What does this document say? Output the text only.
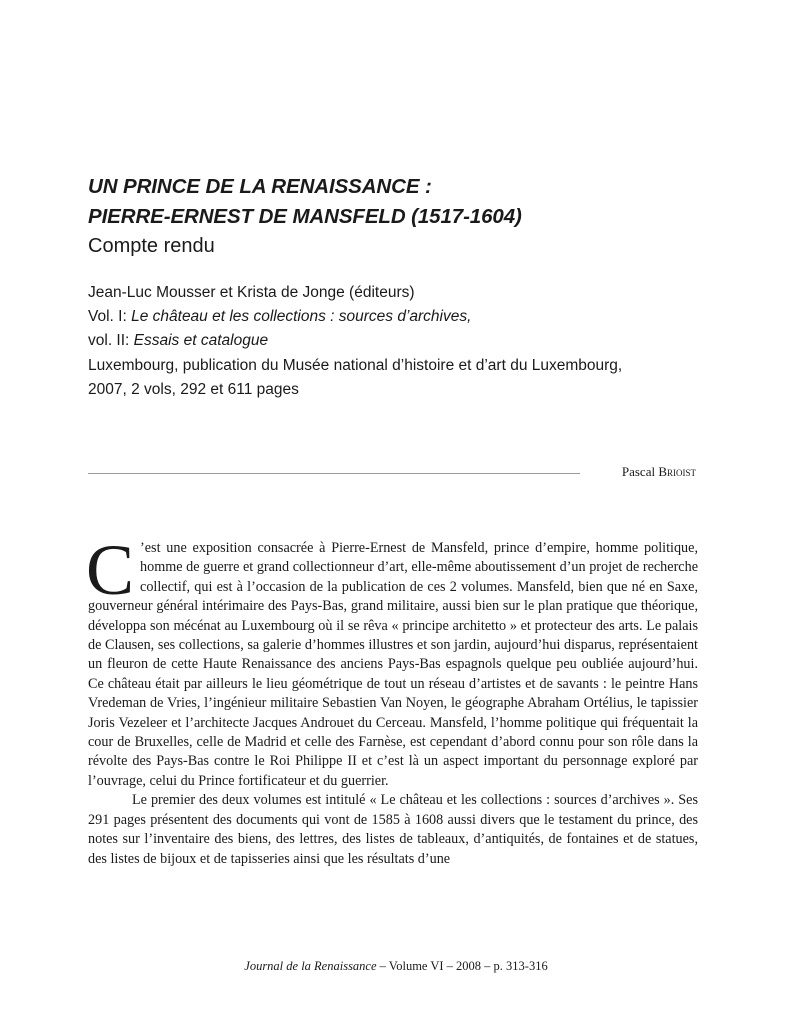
UN PRINCE DE LA RENAISSANCE :
PIERRE-ERNEST DE MANSFELD (1517-1604)
Compte rendu
Jean-Luc Mousser et Krista de Jonge (éditeurs)
Vol. I: Le château et les collections : sources d’archives,
vol. II: Essais et catalogue
Luxembourg, publication du Musée national d’histoire et d’art du Luxembourg,
2007, 2 vols, 292 et 611 pages
Pascal Brioist

C ’est une exposition consacrée à Pierre-Ernest de Mansfeld, prince d’empire, homme politique, homme de guerre et grand collectionneur d’art, elle-même aboutissement d’un projet de recherche collectif, qui est à l’occasion de la publication de ces 2 volumes. Mansfeld, bien que né en Saxe, gouverneur général intérimaire des Pays-Bas, grand militaire, aussi bien sur le plan pratique que théorique, développa son mécénat au Luxembourg où il se rêva « principe architetto » et protecteur des arts. Le palais de Clausen, ses collections, sa galerie d’hommes illustres et son jardin, aujourd’hui disparus, représentaient un fleuron de cette Haute Renaissance des anciens Pays-Bas espagnols quelque peu oubliée aujourd’hui. Ce château était par ailleurs le lieu géométrique de tout un réseau d’artistes et de savants : le peintre Hans Vredeman de Vries, l’ingénieur militaire Sebastien Van Noyen, le géographe Abraham Ortélius, le tapissier Joris Vezeleer et l’architecte Jacques Androuet du Cerceau. Mansfeld, l’homme politique qui fréquentait la cour de Bruxelles, celle de Madrid et celle des Farnèse, est cependant d’abord connu pour son rôle dans la révolte des Pays-Bas contre le Roi Philippe II et c’est là un aspect important du personnage exploré par l’ouvrage, celui du Prince fortificateur et du guerrier.

Le premier des deux volumes est intitulé « Le château et les collections : sources d’archives ». Ses 291 pages présentent des documents qui vont de 1585 à 1608 aussi divers que le testament du prince, des notes sur l’inventaire des biens, des lettres, des listes de tableaux, d’antiquités, de fontaines et de statues, des listes de bijoux et de tapisseries ainsi que les résultats d’une

Journal de la Renaissance – Volume VI – 2008 – p. 313-316
